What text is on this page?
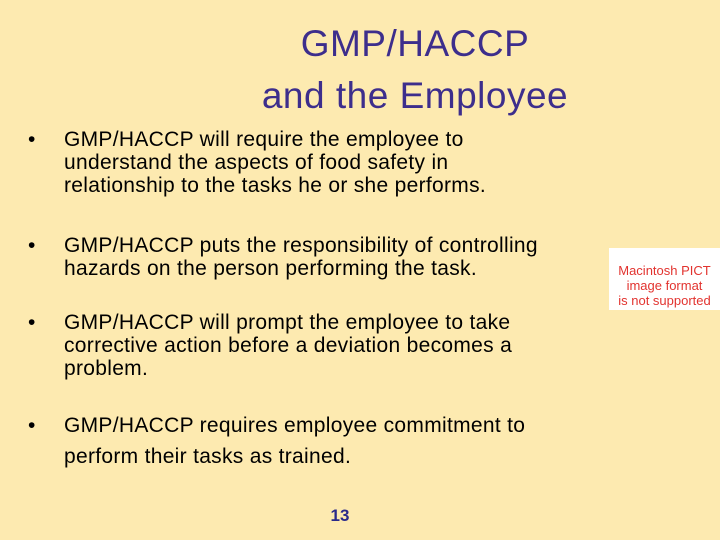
GMP/HACCP
and the Employee
•	GMP/HACCP will require the employee to
understand the aspects of food safety in
relationship to the tasks he or she performs.
•	GMP/HACCP puts the responsibility of controlling
hazards on the person performing the task.
•	GMP/HACCP will prompt the employee to take
corrective action before a deviation becomes a
problem.
•	GMP/HACCP requires employee commitment to
perform their tasks as trained.
Macintosh PICT
image format
is not supported
13
